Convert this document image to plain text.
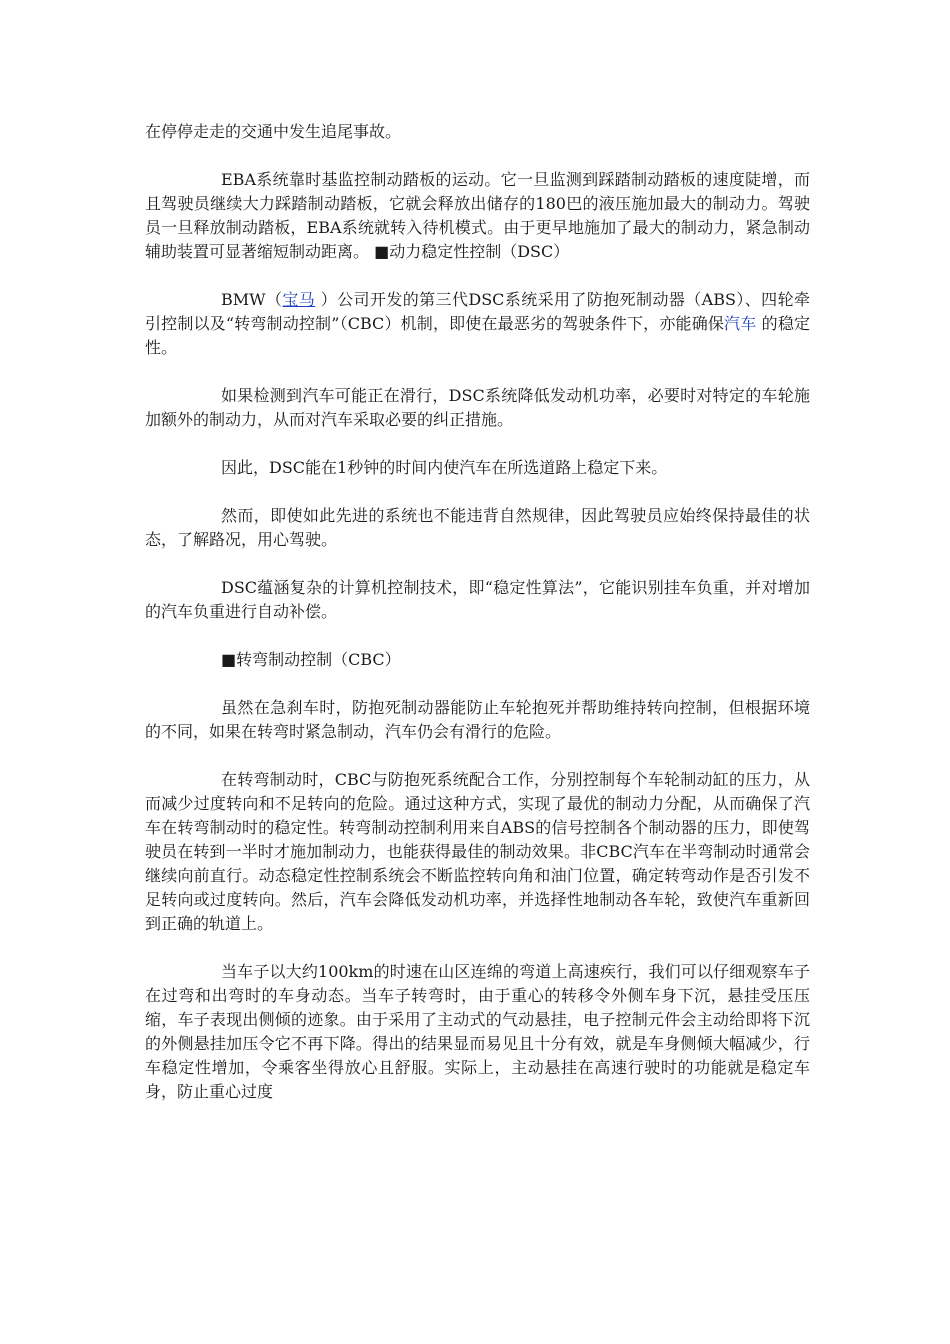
在停停走走的交通中发生追尾事故。

EBA系统靠时基监控制动踏板的运动。它一旦监测到踩踏制动踏板的速度陡增，而且驾驶员继续大力踩踏制动踏板，它就会释放出储存的180巴的液压施加最大的制动力。驾驶员一旦释放制动踏板，EBA系统就转入待机模式。由于更早地施加了最大的制动力，紧急制动辅助装置可显著缩短制动距离。 ■动力稳定性控制（DSC）

BMW（宝马 ）公司开发的第三代DSC系统采用了防抱死制动器（ABS）、四轮牵引控制以及“转弯制动控制”（CBC）机制，即使在最恶劣的驾驶条件下，亦能确保汽车 的稳定性。

如果检测到汽车可能正在滑行，DSC系统降低发动机功率，必要时对特定的车轮施加额外的制动力，从而对汽车采取必要的纠正措施。

因此，DSC能在1秒钟的时间内使汽车在所选道路上稳定下来。

然而，即使如此先进的系统也不能违背自然规律，因此驾驶员应始终保持最佳的状态，了解路况，用心驾驶。

DSC蕴涵复杂的计算机控制技术，即“稳定性算法”，它能识别挂车负重，并对增加的汽车负重进行自动补偿。

■转弯制动控制（CBC）

虽然在急刹车时，防抱死制动器能防止车轮抱死并帮助维持转向控制，但根据环境的不同，如果在转弯时紧急制动，汽车仍会有滑行的危险。

在转弯制动时，CBC与防抱死系统配合工作，分别控制每个车轮制动缸的压力，从而减少过度转向和不足转向的危险。通过这种方式，实现了最优的制动力分配，从而确保了汽车在转弯制动时的稳定性。转弯制动控制利用来自ABS的信号控制各个制动器的压力，即使驾驶员在转到一半时才施加制动力，也能获得最佳的制动效果。非CBC汽车在半弯制动时通常会继续向前直行。动态稳定性控制系统会不断监控转向角和油门位置，确定转弯动作是否引发不足转向或过度转向。然后，汽车会降低发动机功率，并选择性地制动各车轮，致使汽车重新回到正确的轨道上。

当车子以大约100km的时速在山区连绵的弯道上高速疾行，我们可以仔细观察车子在过弯和出弯时的车身动态。当车子转弯时，由于重心的转移令外侧车身下沉，悬挂受压压缩，车子表现出侧倾的迹象。由于采用了主动式的气动悬挂，电子控制元件会主动给即将下沉的外侧悬挂加压令它不再下降。得出的结果显而易见且十分有效，就是车身侧倾大幅减少，行车稳定性增加，令乘客坐得放心且舒服。实际上，主动悬挂在高速行驶时的功能就是稳定车身，防止重心过度
